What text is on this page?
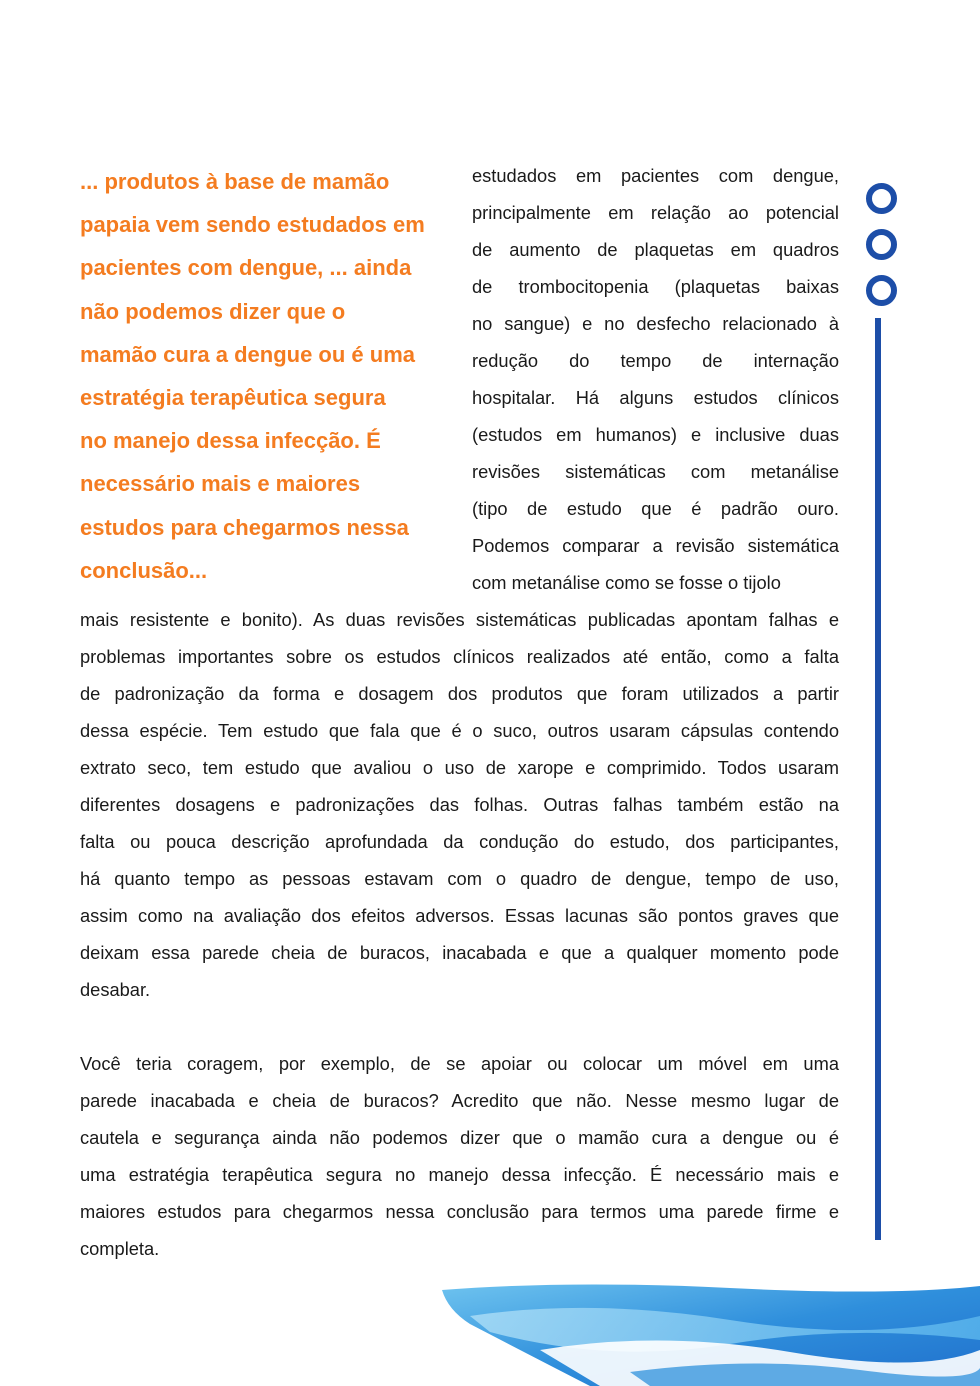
... produtos à base de mamão
papaia vem sendo estudados em
pacientes com dengue, ... ainda
não podemos dizer que o
mamão cura a dengue ou é uma
estratégia terapêutica segura
no manejo dessa infecção. É
necessário mais e maiores
estudos para chegarmos nessa
conclusão...
estudados em pacientes com dengue,
principalmente em relação ao potencial
de aumento de plaquetas em quadros
de trombocitopenia (plaquetas baixas
no sangue) e no desfecho relacionado à
redução do tempo de internação
hospitalar. Há alguns estudos clínicos
(estudos em humanos) e inclusive duas
revisões sistemáticas com metanálise
(tipo de estudo que é padrão ouro.
Podemos comparar a revisão sistemática
com metanálise como se fosse o tijolo
mais resistente e bonito). As duas revisões sistemáticas publicadas apontam falhas e
problemas importantes sobre os estudos clínicos realizados até então, como a falta
de padronização da forma e dosagem dos produtos que foram utilizados a partir
dessa espécie. Tem estudo que fala que é o suco, outros usaram cápsulas contendo
extrato seco, tem estudo que avaliou o uso de xarope e comprimido. Todos usaram
diferentes dosagens e padronizações das folhas. Outras falhas também estão na
falta ou pouca descrição aprofundada da condução do estudo, dos participantes,
há quanto tempo as pessoas estavam com o quadro de dengue, tempo de uso,
assim como na avaliação dos efeitos adversos. Essas lacunas são pontos graves que
deixam essa parede cheia de buracos, inacabada e que a qualquer momento pode
desabar.
Você teria coragem, por exemplo, de se apoiar ou colocar um móvel em uma
parede inacabada e cheia de buracos? Acredito que não. Nesse mesmo lugar de
cautela e segurança ainda não podemos dizer que o mamão cura a dengue ou é
uma estratégia terapêutica segura no manejo dessa infecção. É necessário mais e
maiores estudos para chegarmos nessa conclusão para termos uma parede firme e
completa.
